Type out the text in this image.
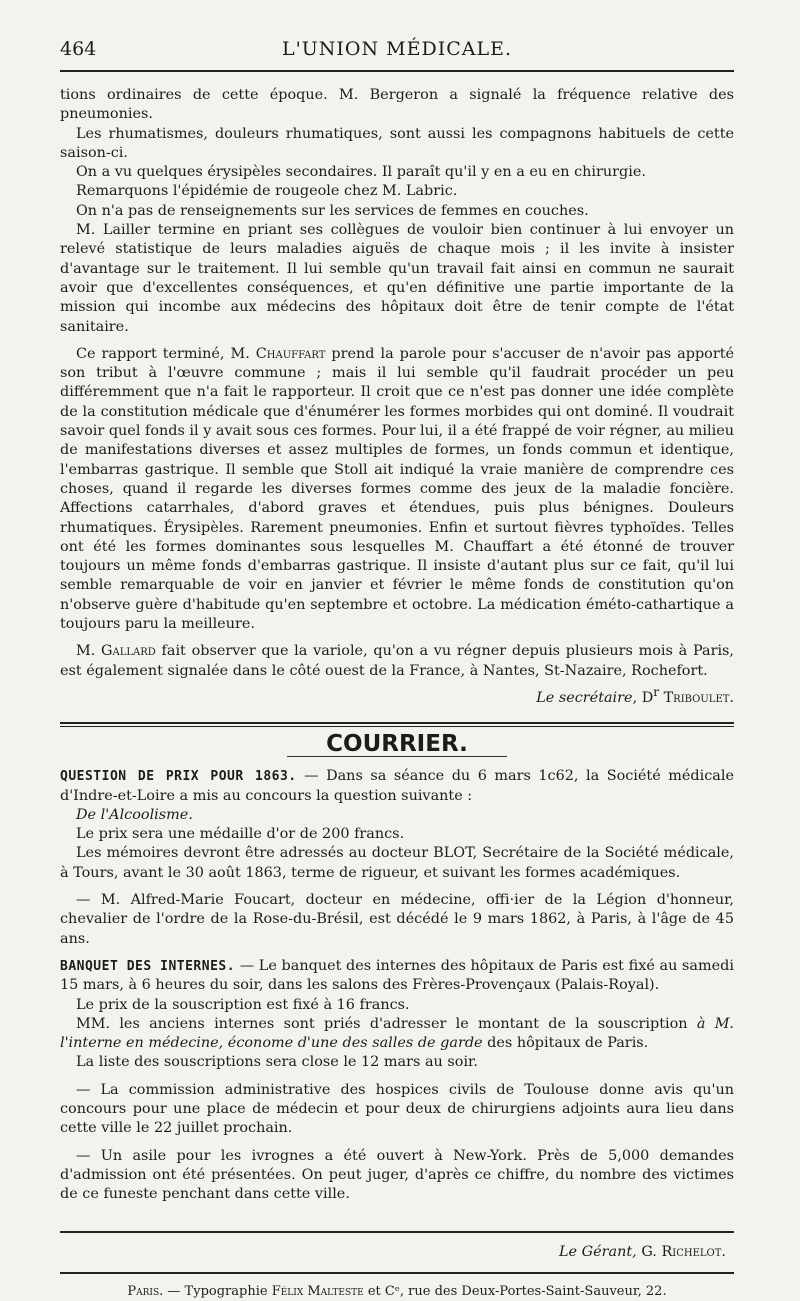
464	L'UNION MÉDICALE.

tions ordinaires de cette époque. M. Bergeron a signalé la fréquence relative des pneumonies.

Les rhumatismes, douleurs rhumatiques, sont aussi les compagnons habituels de cette saison-ci.

On a vu quelques érysipèles secondaires. Il paraît qu'il y en a eu en chirurgie.

Remarquons l'épidémie de rougeole chez M. Labric.

On n'a pas de renseignements sur les services de femmes en couches.

M. Lailler termine en priant ses collègues de vouloir bien continuer à lui envoyer un relevé statistique de leurs maladies aiguës de chaque mois ; il les invite à insister d'avantage sur le traitement. Il lui semble qu'un travail fait ainsi en commun ne saurait avoir que d'excellentes conséquences, et qu'en définitive une partie importante de la mission qui incombe aux médecins des hôpitaux doit être de tenir compte de l'état sanitaire.

Ce rapport terminé, M. Chauffart prend la parole pour s'accuser de n'avoir pas apporté son tribut à l'œuvre commune ; mais il lui semble qu'il faudrait procéder un peu différemment que n'a fait le rapporteur. Il croit que ce n'est pas donner une idée complète de la constitution médicale que d'énumérer les formes morbides qui ont dominé. Il voudrait savoir quel fonds il y avait sous ces formes. Pour lui, il a été frappé de voir régner, au milieu de manifestations diverses et assez multiples de formes, un fonds commun et identique, l'embarras gastrique. Il semble que Stoll ait indiqué la vraie manière de comprendre ces choses, quand il regarde les diverses formes comme des jeux de la maladie foncière. Affections catarrhales, d'abord graves et étendues, puis plus bénignes. Douleurs rhumatiques. Érysipèles. Rarement pneumonies. Enfin et surtout fièvres typhoïdes. Telles ont été les formes dominantes sous lesquelles M. Chauffart a été étonné de trouver toujours un même fonds d'embarras gastrique. Il insiste d'autant plus sur ce fait, qu'il lui semble remarquable de voir en janvier et février le même fonds de constitution qu'on n'observe guère d'habitude qu'en septembre et octobre. La médication éméto-cathartique a toujours paru la meilleure.

M. Gallard fait observer que la variole, qu'on a vu régner depuis plusieurs mois à Paris, est également signalée dans le côté ouest de la France, à Nantes, St-Nazaire, Rochefort.

Le secrétaire, $D^r$ Triboulet.

COURRIER.

QUESTION DE PRIX POUR 1863. — Dans sa séance du 6 mars 1c62, la Société médicale d'Indre-et-Loire a mis au concours la question suivante :

De l'Alcoolisme.

Le prix sera une médaille d'or de 200 francs.

Les mémoires devront être adressés au docteur BLOT, Secrétaire de la Société médicale, à Tours, avant le 30 août 1863, terme de rigueur, et suivant les formes académiques.

— M. Alfred-Marie Foucart, docteur en médecine, offi·ier de la Légion d'honneur, chevalier de l'ordre de la Rose-du-Brésil, est décédé le 9 mars 1862, à Paris, à l'âge de 45 ans.

BANQUET DES INTERNES. — Le banquet des internes des hôpitaux de Paris est fixé au samedi 15 mars, à 6 heures du soir, dans les salons des Frères-Provençaux (Palais-Royal).

Le prix de la souscription est fixé à 16 francs.

MM. les anciens internes sont priés d'adresser le montant de la souscription à M. l'interne en médecine, économe d'une des salles de garde des hôpitaux de Paris.

La liste des souscriptions sera close le 12 mars au soir.

— La commission administrative des hospices civils de Toulouse donne avis qu'un concours pour une place de médecin et pour deux de chirurgiens adjoints aura lieu dans cette ville le 22 juillet prochain.

— Un asile pour les ivrognes a été ouvert à New-York. Près de 5,000 demandes d'admission ont été présentées. On peut juger, d'après ce chiffre, du nombre des victimes de ce funeste penchant dans cette ville.

Le Gérant, G. Richelot.

Paris. — Typographie Félix Malteste et Cᵉ, rue des Deux-Portes-Saint-Sauveur, 22.
